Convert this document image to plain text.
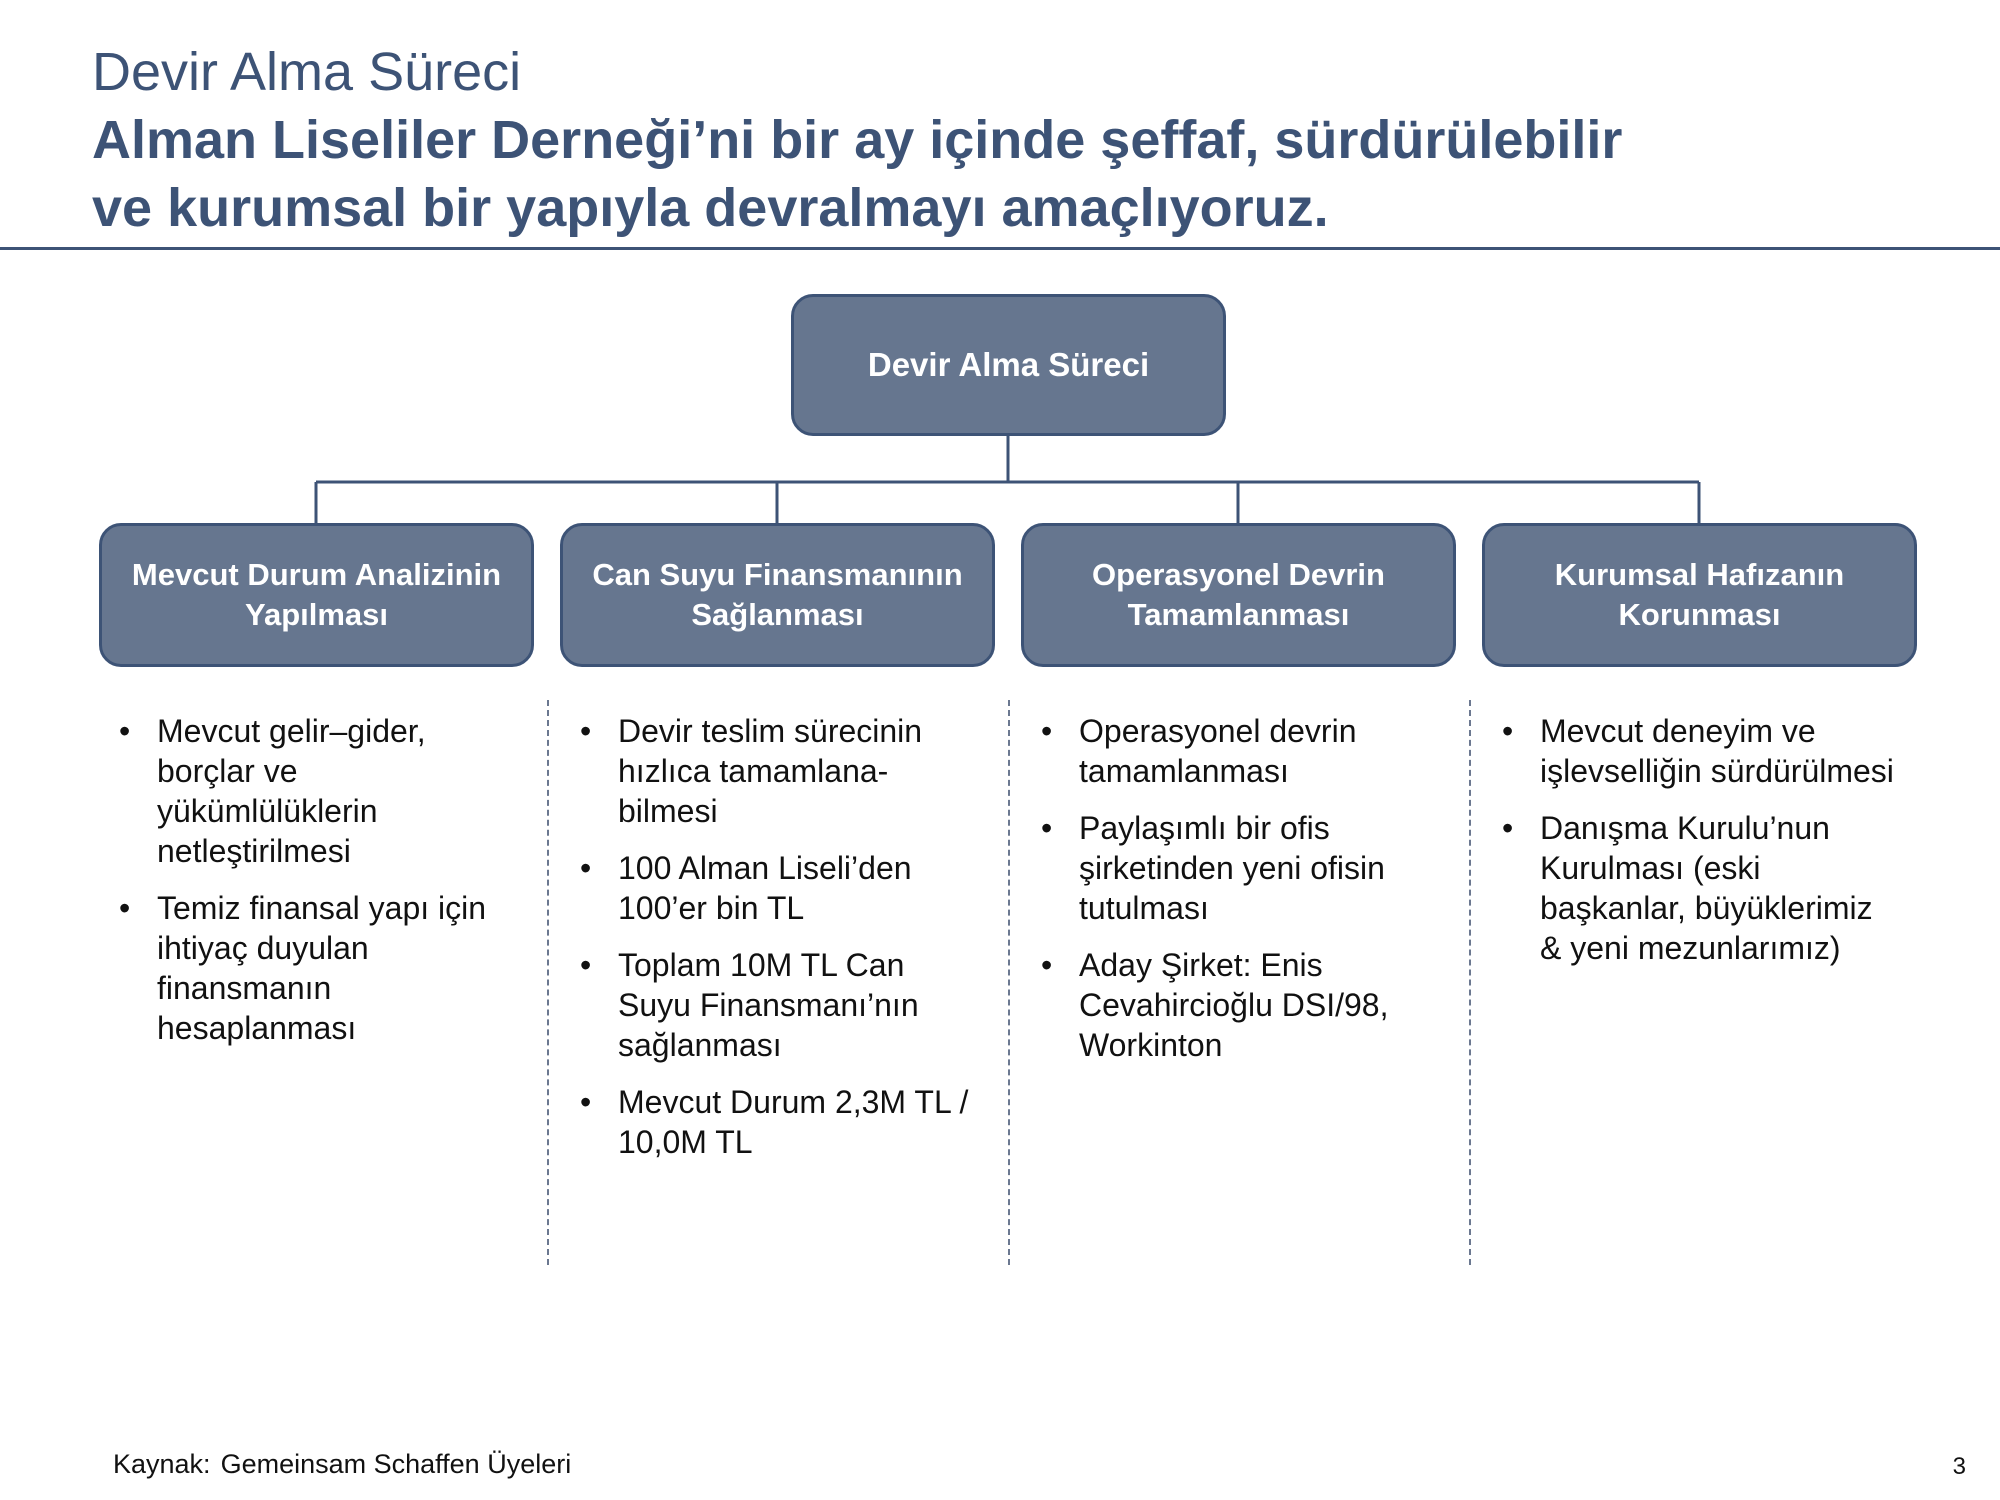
Devir Alma Süreci
Alman Liseliler Derneği’ni bir ay içinde şeffaf, sürdürülebilir
ve kurumsal bir yapıyla devralmayı amaçlıyoruz.
Devir Alma Süreci
Mevcut Durum Analizinin Yapılması
Can Suyu Finansmanının Sağlanması
Operasyonel Devrin Tamamlanması
Kurumsal Hafızanın Korunması
• Mevcut gelir–gider, borçlar ve yükümlülüklerin netleştirilmesi
• Temiz finansal yapı için ihtiyaç duyulan finansmanın hesaplanması
• Devir teslim sürecinin hızlıca tamamlana-bilmesi
• 100 Alman Liseli’den 100’er bin TL
• Toplam 10M TL Can Suyu Finansmanı’nın sağlanması
• Mevcut Durum 2,3M TL / 10,0M TL
• Operasyonel devrin tamamlanması
• Paylaşımlı bir ofis şirketinden yeni ofisin tutulması
• Aday Şirket: Enis Cevahircioğlu DSI/98, Workinton
• Mevcut deneyim ve işlevselliğin sürdürülmesi
• Danışma Kurulu’nun Kurulması (eski başkanlar, büyüklerimiz & yeni mezunlarımız)
Kaynak: Gemeinsam Schaffen Üyeleri	3
